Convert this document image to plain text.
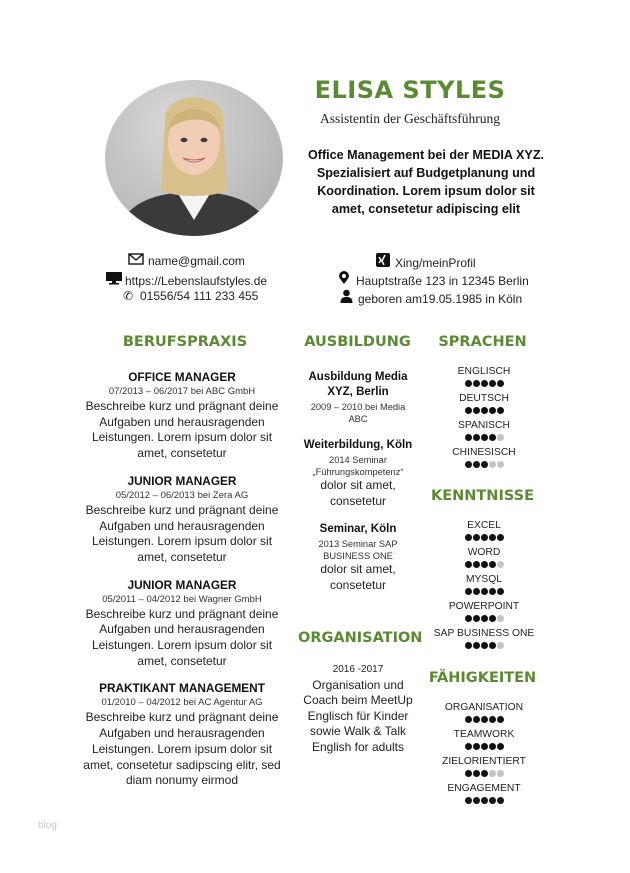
ELISA STYLES
Assistentin der Geschäftsführung
Office Management bei der MEDIA XYZ. Spezialisiert auf Budgetplanung und Koordination. Lorem ipsum dolor sit amet, consetetur adipiscing elit
name@gmail.com
https://Lebenslaufstyles.de
✆ 01556/54 111 233 455
Xing/meinProfil
Hauptstraße 123 in 12345 Berlin
geboren am19.05.1985 in Köln
BERUFSPRAXIS	AUSBILDUNG	SPRACHEN
KENNTNISSE
ORGANISATION
FÄHIGKEITEN
OFFICE MANAGER
07/2013 – 06/2017 bei ABC GmbH
Beschreibe kurz und prägnant deine Aufgaben und herausragenden Leistungen. Lorem ipsum dolor sit amet, consetetur
JUNIOR MANAGER
05/2012 – 06/2013 bei Zera AG
Beschreibe kurz und prägnant deine Aufgaben und herausragenden Leistungen. Lorem ipsum dolor sit amet, consetetur
JUNIOR MANAGER
05/2011 – 04/2012 bei Wagner GmbH
Beschreibe kurz und prägnant deine Aufgaben und herausragenden Leistungen. Lorem ipsum dolor sit amet, consetetur
PRAKTIKANT MANAGEMENT
01/2010 – 04/2012 bei AC Agentur AG
Beschreibe kurz und prägnant deine Aufgaben und herausragenden Leistungen. Lorem ipsum dolor sit amet, consetetur sadipscing elitr, sed diam nonumy eirmod
Ausbildung Media XYZ, Berlin
2009 – 2010 bei Media ABC
Weiterbildung, Köln
2014 Seminar „Führungskompetenz“
dolor sit amet, consetetur
Seminar, Köln
2013 Seminar SAP BUSINESS ONE
dolor sit amet, consetetur
2016 -2017
Organisation und Coach beim MeetUp Englisch für Kinder sowie Walk & Talk English for adults
ENGLISCH
DEUTSCH
SPANISCH
CHINESISCH
EXCEL
WORD
MYSQL
POWERPOINT
SAP BUSINESS ONE
ORGANISATION
TEAMWORK
ZIELORIENTIERT
ENGAGEMENT
blog
